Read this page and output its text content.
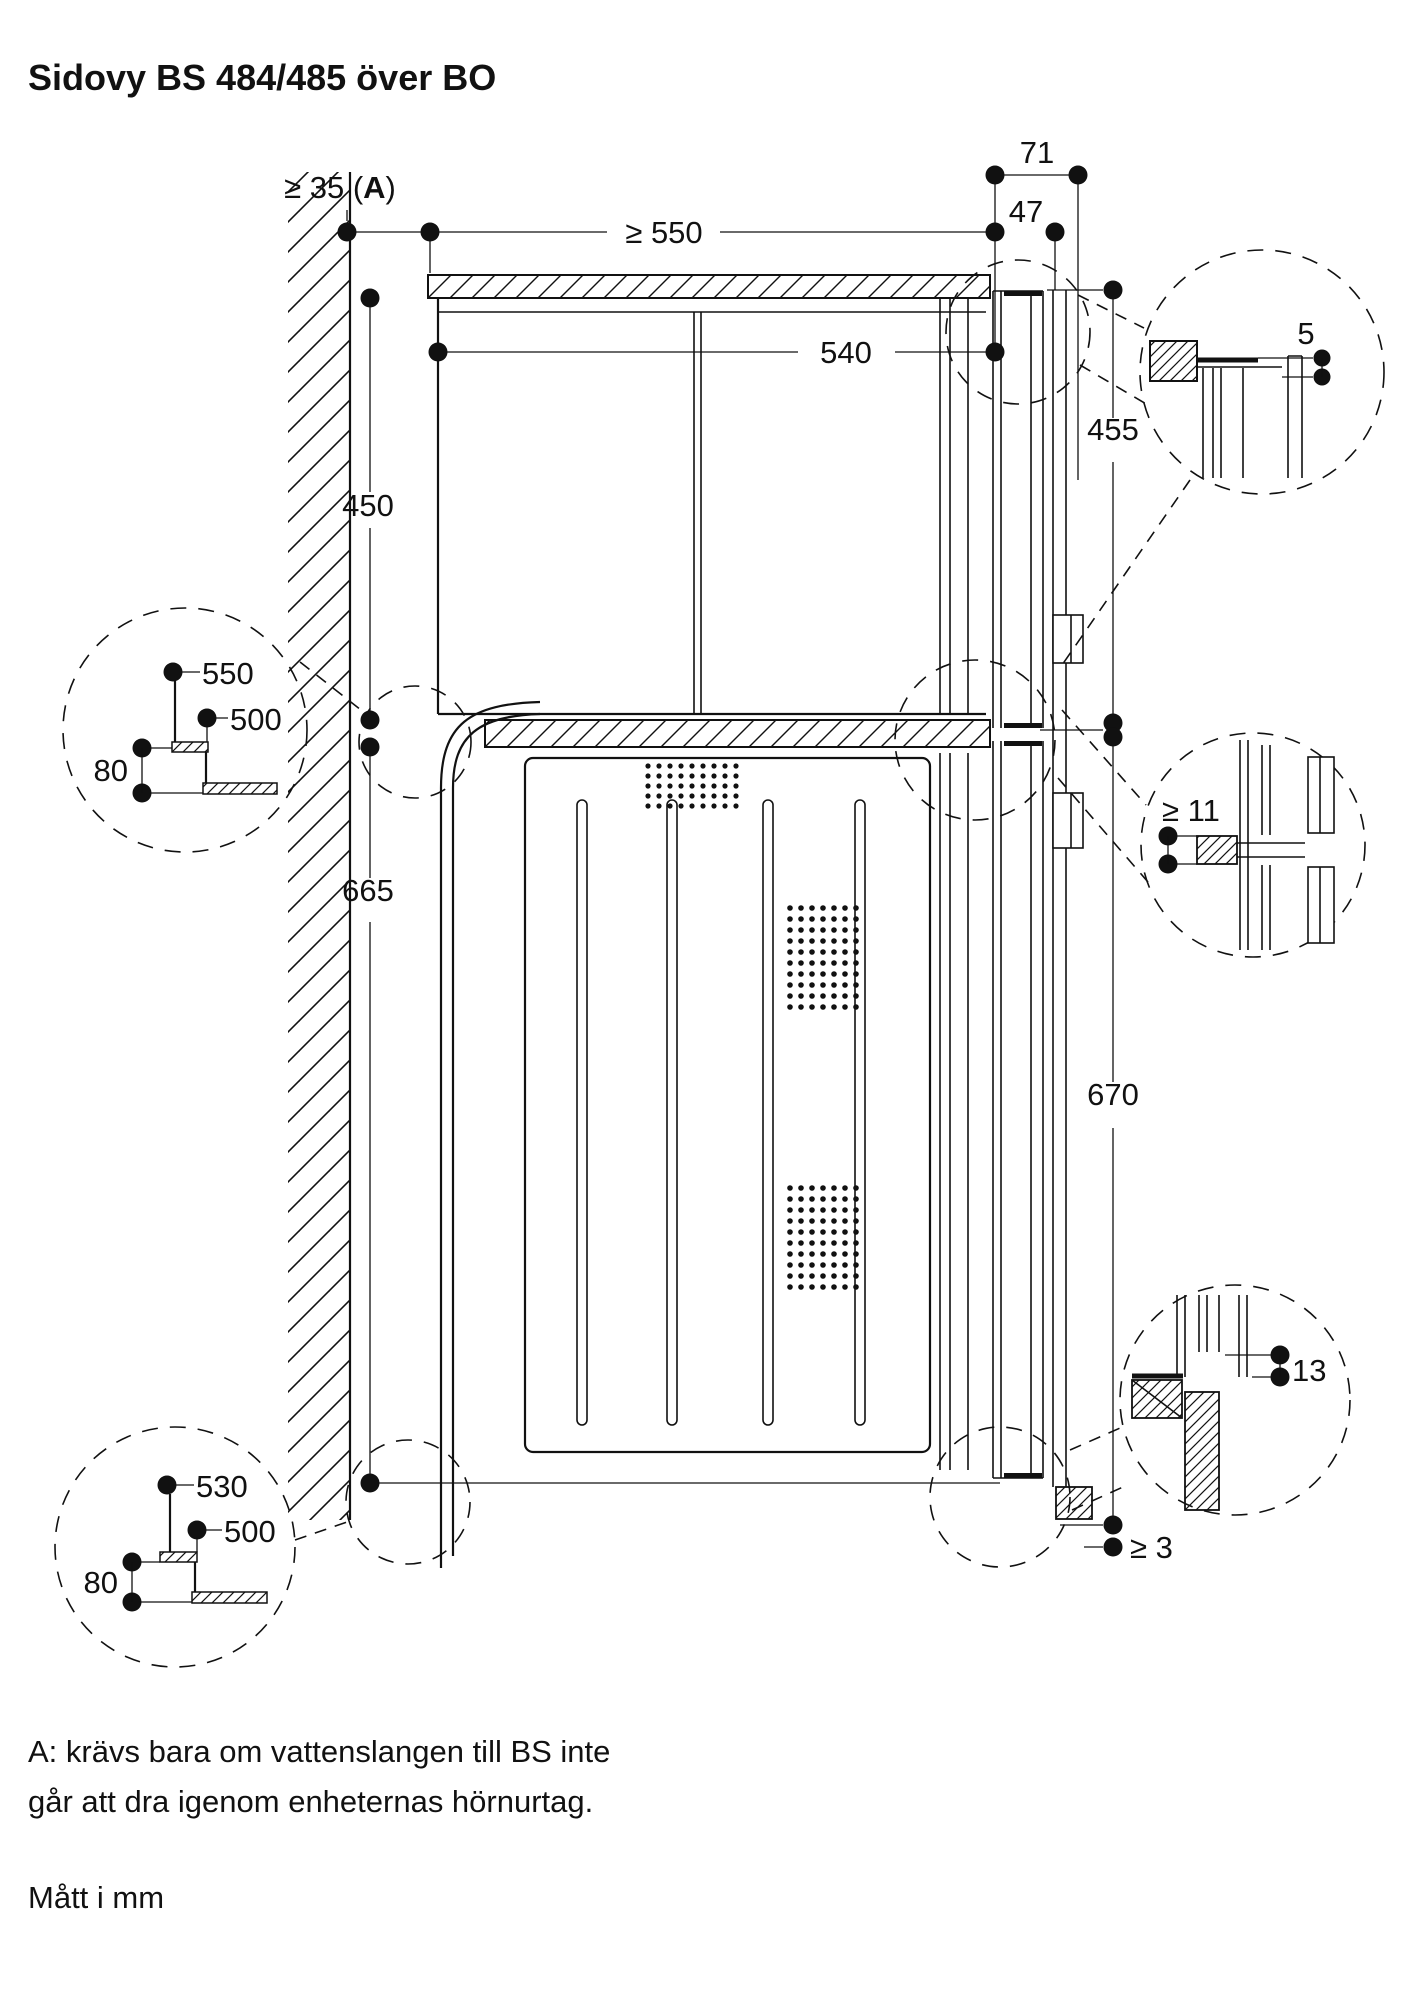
Sidovy BS 484/485 över BO
≥ 35 (A)
≥ 550
71
47
540
450
455
5
550
500
80
≥ 11
665
670
530
500
80
13
≥ 3
A: krävs bara om vattenslangen till BS inte
går att dra igenom enheternas hörnurtag.
Mått i mm
